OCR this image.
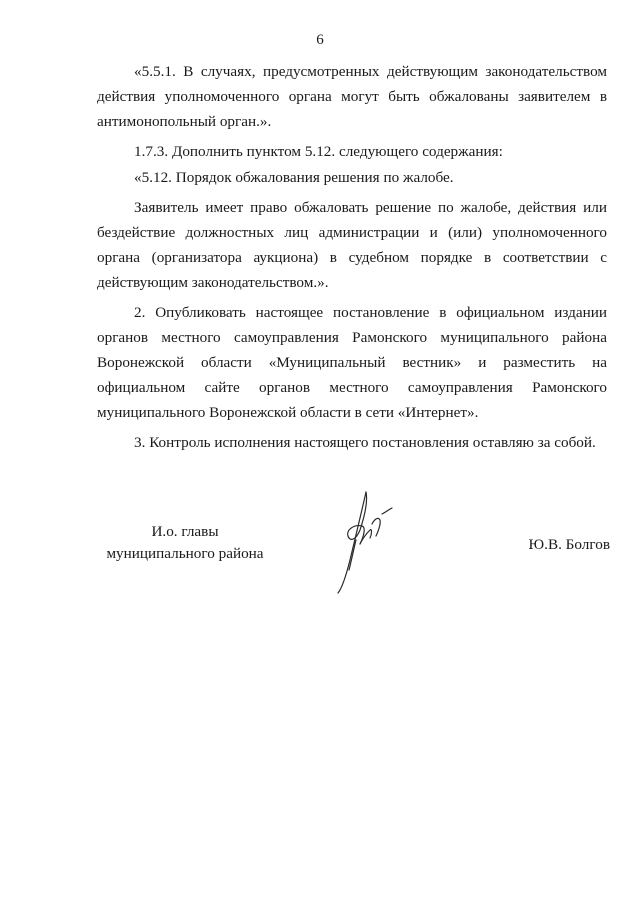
6

«5.5.1. В случаях, предусмотренных действующим законодательством действия уполномоченного органа могут быть обжалованы заявителем в антимонопольный орган.».

1.7.3. Дополнить пунктом 5.12. следующего содержания:

«5.12. Порядок обжалования решения по жалобе.

Заявитель имеет право обжаловать решение по жалобе, действия или бездействие должностных лиц администрации и (или) уполномоченного органа (организатора аукциона) в судебном порядке в соответствии с действующим законодательством.».

2. Опубликовать настоящее постановление в официальном издании органов местного самоуправления Рамонского муниципального района Воронежской области «Муниципальный вестник» и разместить на официальном сайте органов местного самоуправления Рамонского муниципального Воронежской области в сети «Интернет».

3. Контроль исполнения настоящего постановления оставляю за собой.

И.о. главы
муниципального района
Ю.В. Болгов
